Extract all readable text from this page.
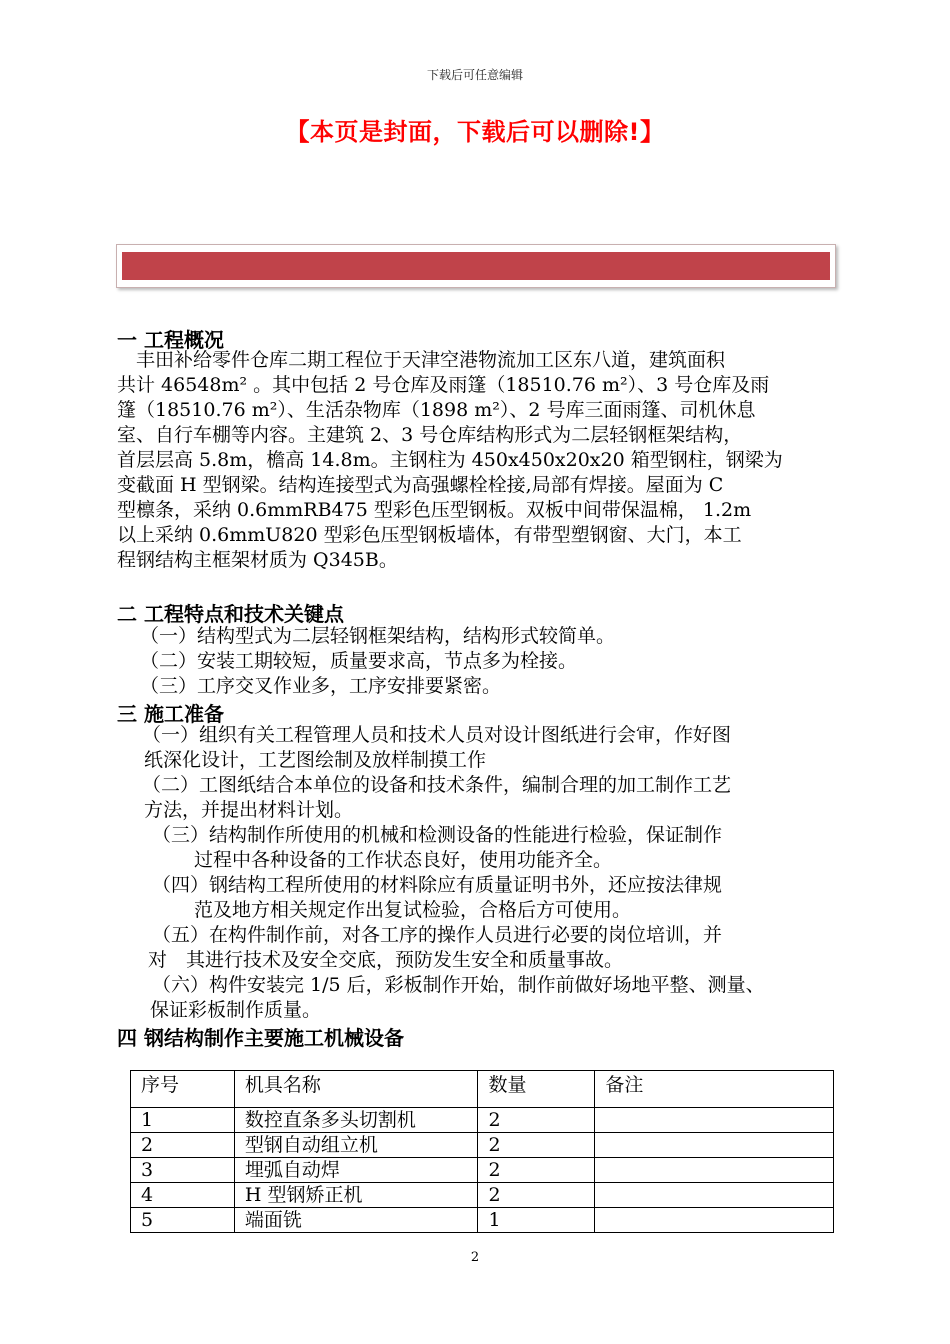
下载后可任意编辑
【本页是封面，下载后可以删除!】
一 工程概况
　丰田补给零件仓库二期工程位于天津空港物流加工区东八道，建筑面积
共计 46548m² 。其中包括 2 号仓库及雨篷（18510.76 m²）、3 号仓库及雨
篷（18510.76 m²）、生活杂物库（1898 m²）、2 号库三面雨篷、司机休息
室、自行车棚等内容。主建筑 2、3 号仓库结构形式为二层轻钢框架结构，
首层层高 5.8m，檐高 14.8m。主钢柱为 450x450x20x20 箱型钢柱，钢梁为
变截面 H 型钢梁。结构连接型式为高强螺栓栓接,局部有焊接。屋面为 C
型檩条，采纳 0.6mmRB475 型彩色压型钢板。双板中间带保温棉， 1.2m
以上采纳 0.6mmU820 型彩色压型钢板墙体，有带型塑钢窗、大门，本工
程钢结构主框架材质为 Q345B。
二 工程特点和技术关键点
（一）结构型式为二层轻钢框架结构，结构形式较简单。
（二）安装工期较短，质量要求高，节点多为栓接。
（三）工序交叉作业多，工序安排要紧密。
三 施工准备
（一）组织有关工程管理人员和技术人员对设计图纸进行会审，作好图
纸深化设计，工艺图绘制及放样制摸工作
（二）工图纸结合本单位的设备和技术条件，编制合理的加工制作工艺
方法，并提出材料计划。
（三）结构制作所使用的机械和检测设备的性能进行检验，保证制作
过程中各种设备的工作状态良好，使用功能齐全。
（四）钢结构工程所使用的材料除应有质量证明书外，还应按法律规
范及地方相关规定作出复试检验，合格后方可使用。
（五）在构件制作前，对各工序的操作人员进行必要的岗位培训，并
对　其进行技术及安全交底，预防发生安全和质量事故。
（六）构件安装完 1/5 后，彩板制作开始，制作前做好场地平整、测量、
保证彩板制作质量。
四 钢结构制作主要施工机械设备
序号	机具名称	数量	备注
1	数控直条多头切割机	2	
2	型钢自动组立机	2	
3	埋弧自动焊	2	
4	H 型钢矫正机	2	
5	端面铣	1	
2
